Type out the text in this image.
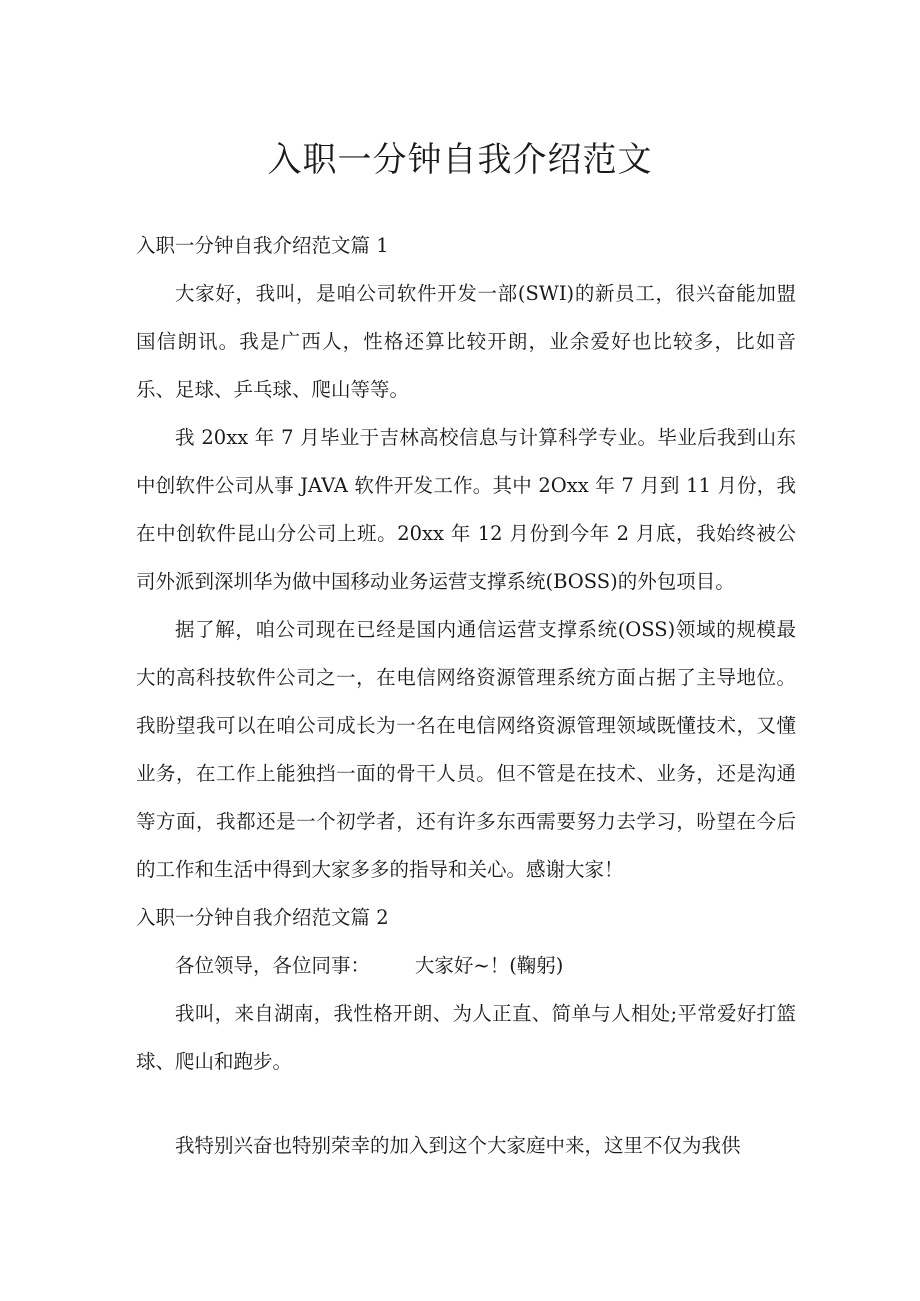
入职一分钟自我介绍范文
入职一分钟自我介绍范文篇 1

大家好，我叫，是咱公司软件开发一部(SWI)的新员工，很兴奋能加盟国信朗讯。我是广西人，性格还算比较开朗，业余爱好也比较多，比如音乐、足球、乒乓球、爬山等等。

我 20xx 年 7 月毕业于吉林高校信息与计算科学专业。毕业后我到山东中创软件公司从事 JAVA 软件开发工作。其中 2Oxx 年 7 月到 11 月份，我在中创软件昆山分公司上班。20xx 年 12 月份到今年 2 月底，我始终被公司外派到深圳华为做中国移动业务运营支撑系统(BOSS)的外包项目。

据了解，咱公司现在已经是国内通信运营支撑系统(OSS)领域的规模最大的高科技软件公司之一，在电信网络资源管理系统方面占据了主导地位。我盼望我可以在咱公司成长为一名在电信网络资源管理领域既懂技术，又懂业务，在工作上能独挡一面的骨干人员。但不管是在技术、业务，还是沟通等方面，我都还是一个初学者，还有许多东西需要努力去学习，吩望在今后的工作和生活中得到大家多多的指导和关心。感谢大家！

入职一分钟自我介绍范文篇 2

各位领导，各位同事： 大家好~！(鞠躬)

我叫，来自湖南，我性格开朗、为人正直、简单与人相处;平常爱好打篮球、爬山和跑步。

我特别兴奋也特别荣幸的加入到这个大家庭中来，这里不仅为我供
